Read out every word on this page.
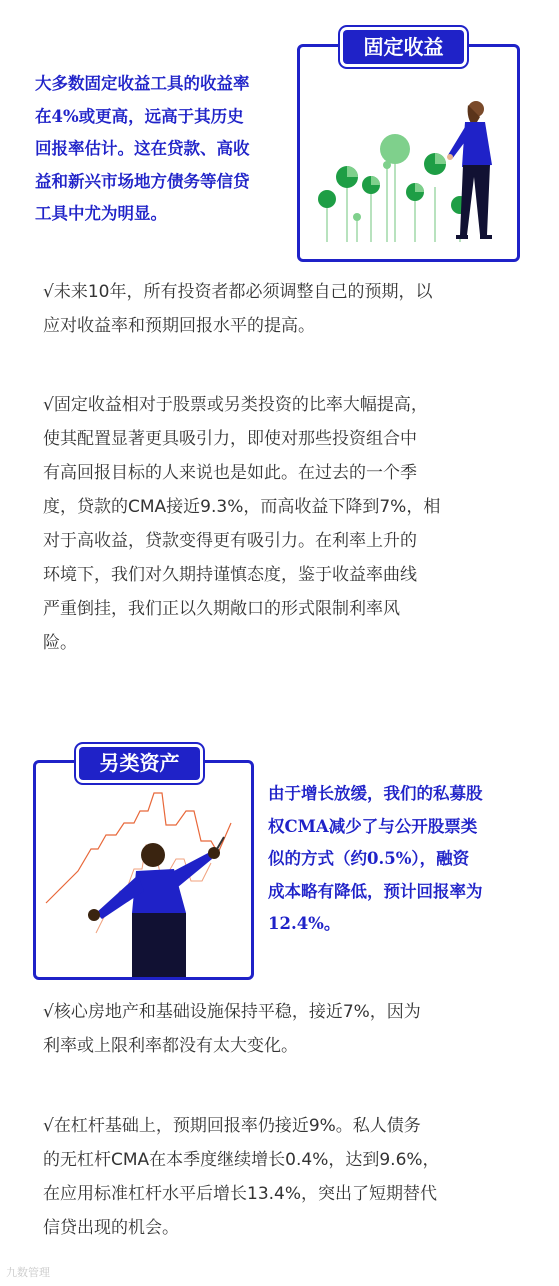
大多数固定收益工具的收益率
在4%或更高，远高于其历史
回报率估计。这在贷款、高收
益和新兴市场地方债务等信贷
工具中尤为明显。
固定收益
√未来10年，所有投资者都必须调整自己的预期，以
应对收益率和预期回报水平的提高。
√固定收益相对于股票或另类投资的比率大幅提高，
使其配置显著更具吸引力，即使对那些投资组合中
有高回报目标的人来说也是如此。在过去的一个季
度，贷款的CMA接近9.3%，而高收益下降到7%，相
对于高收益，贷款变得更有吸引力。在利率上升的
环境下，我们对久期持谨慎态度，鉴于收益率曲线
严重倒挂，我们正以久期敞口的形式限制利率风
险。
另类资产
由于增长放缓，我们的私募股
权CMA减少了与公开股票类
似的方式（约0.5%），融资
成本略有降低，预计回报率为
12.4%。
√核心房地产和基础设施保持平稳，接近7%，因为
利率或上限利率都没有太大变化。
√在杠杆基础上，预期回报率仍接近9%。私人债务
的无杠杆CMA在本季度继续增长0.4%，达到9.6%，
在应用标准杠杆水平后增长13.4%，突出了短期替代
信贷出现的机会。
九数管理
